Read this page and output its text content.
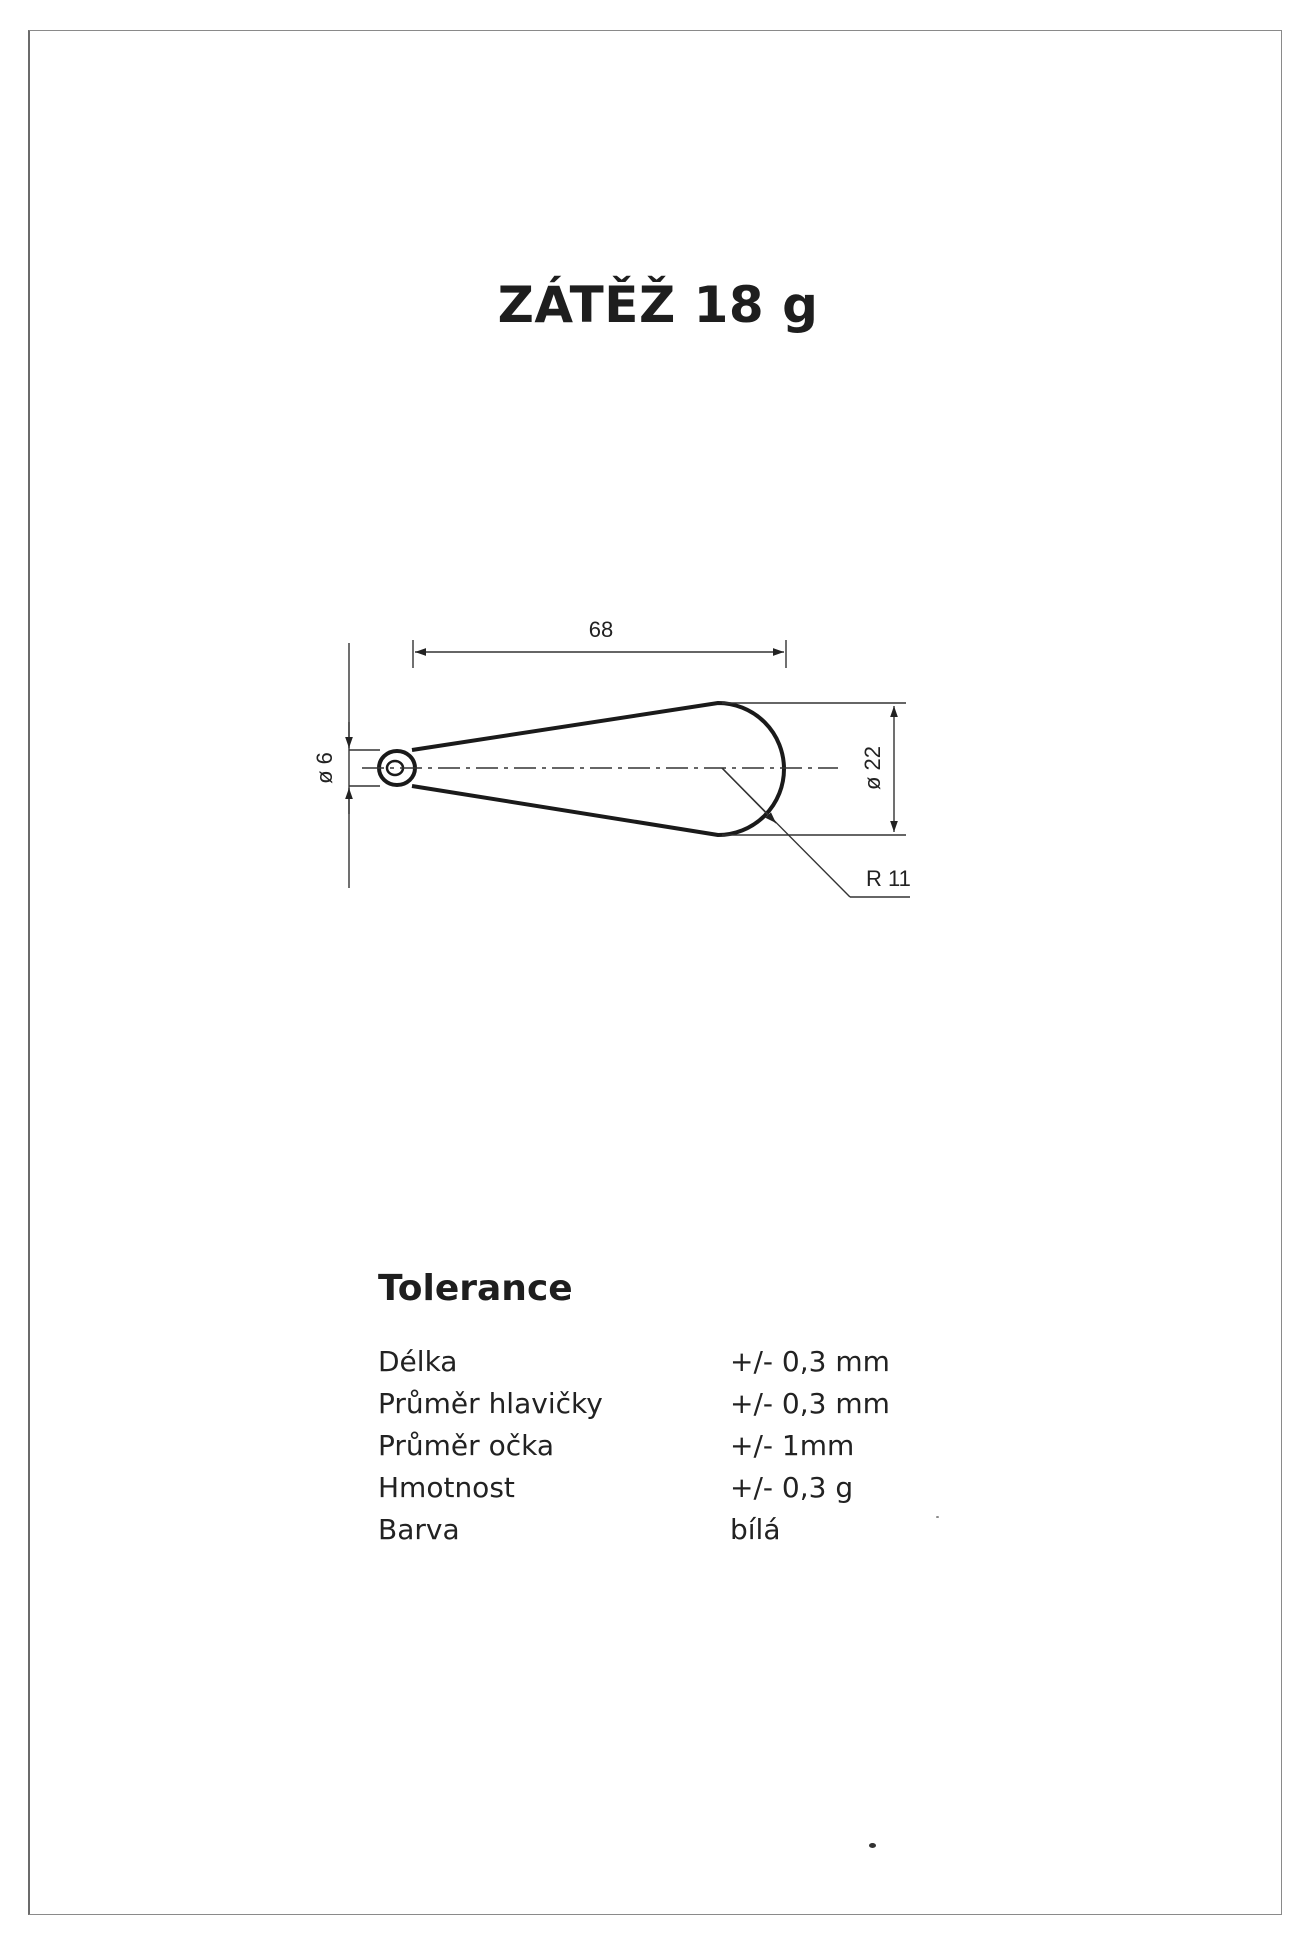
ZÁTĚŽ 18 g
68
ø 6	ø 22
R 11
Tolerance
Délka	+/- 0,3 mm
Průměr hlavičky	+/- 0,3 mm
Průměr očka	+/- 1mm
Hmotnost	+/- 0,3 g
Barva	bílá
